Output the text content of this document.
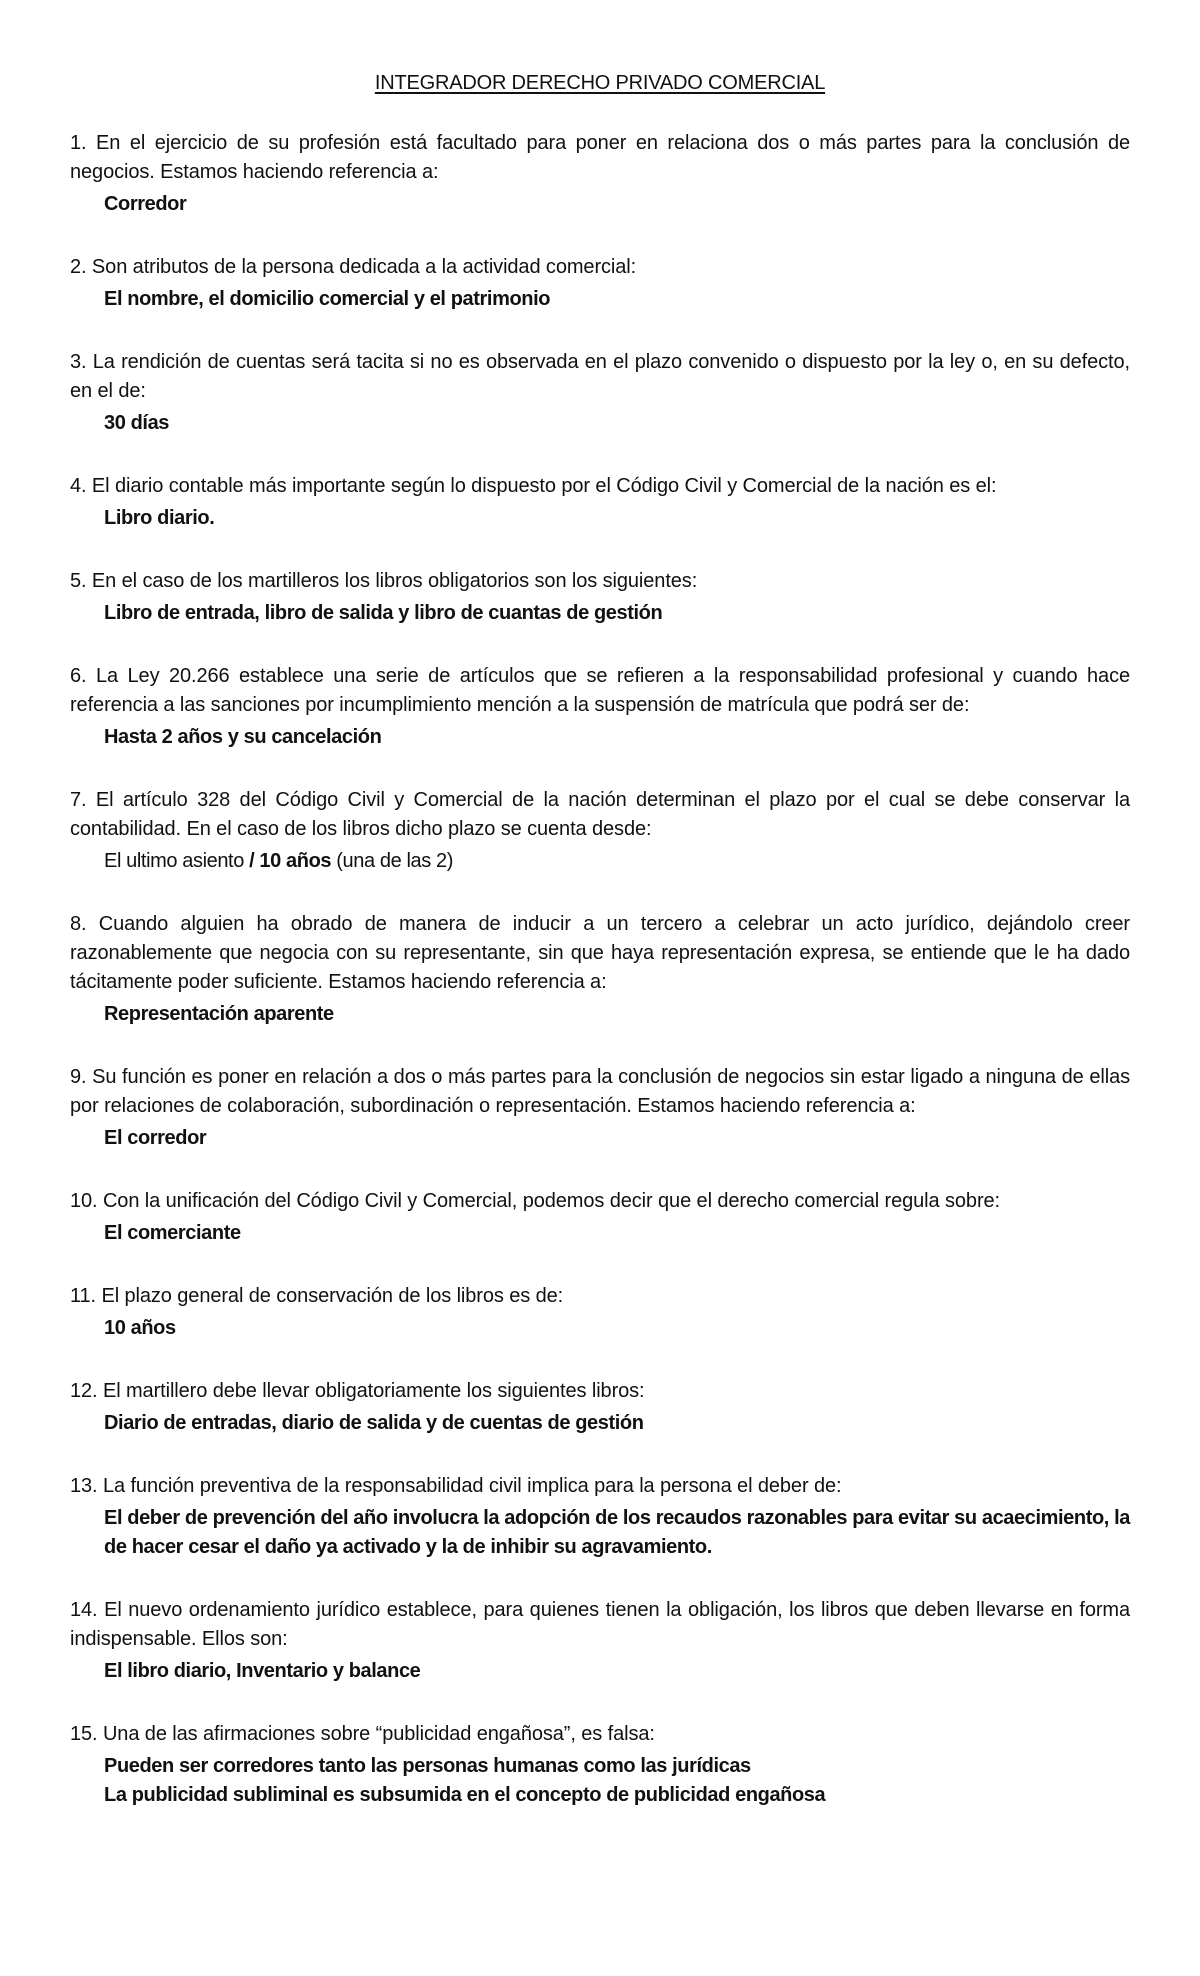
INTEGRADOR DERECHO PRIVADO COMERCIAL

1. En el ejercicio de su profesión está facultado para poner en relaciona dos o más partes para la conclusión de negocios. Estamos haciendo referencia a:

Corredor

2. Son atributos de la persona dedicada a la actividad comercial:

El nombre, el domicilio comercial y el patrimonio

3. La rendición de cuentas será tacita si no es observada en el plazo convenido o dispuesto por la ley o, en su defecto, en el de:

30 días

4. El diario contable más importante según lo dispuesto por el Código Civil y Comercial de la nación es el:

Libro diario.

5. En el caso de los martilleros los libros obligatorios son los siguientes:

Libro de entrada, libro de salida y libro de cuantas de gestión

6. La Ley 20.266 establece una serie de artículos que se refieren a la responsabilidad profesional y cuando hace referencia a las sanciones por incumplimiento mención a la suspensión de matrícula que podrá ser de:

Hasta 2 años y su cancelación

7. El artículo 328 del Código Civil y Comercial de la nación determinan el plazo por el cual se debe conservar la contabilidad. En el caso de los libros dicho plazo se cuenta desde:

El ultimo asiento / 10 años (una de las 2)

8. Cuando alguien ha obrado de manera de inducir a un tercero a celebrar un acto jurídico, dejándolo creer razonablemente que negocia con su representante, sin que haya representación expresa, se entiende que le ha dado tácitamente poder suficiente. Estamos haciendo referencia a:

Representación aparente

9. Su función es poner en relación a dos o más partes para la conclusión de negocios sin estar ligado a ninguna de ellas por relaciones de colaboración, subordinación o representación. Estamos haciendo referencia a:

El corredor

10. Con la unificación del Código Civil y Comercial, podemos decir que el derecho comercial regula sobre:

El comerciante

11. El plazo general de conservación de los libros es de:

10 años

12. El martillero debe llevar obligatoriamente los siguientes libros:

Diario de entradas, diario de salida y de cuentas de gestión

13. La función preventiva de la responsabilidad civil implica para la persona el deber de:

El deber de prevención del año involucra la adopción de los recaudos razonables para evitar su acaecimiento, la de hacer cesar el daño ya activado y la de inhibir su agravamiento.

14. El nuevo ordenamiento jurídico establece, para quienes tienen la obligación, los libros que deben llevarse en forma indispensable. Ellos son:

El libro diario, Inventario y balance

15. Una de las afirmaciones sobre “publicidad engañosa”, es falsa:

Pueden ser corredores tanto las personas humanas como las jurídicas
La publicidad subliminal es subsumida en el concepto de publicidad engañosa
